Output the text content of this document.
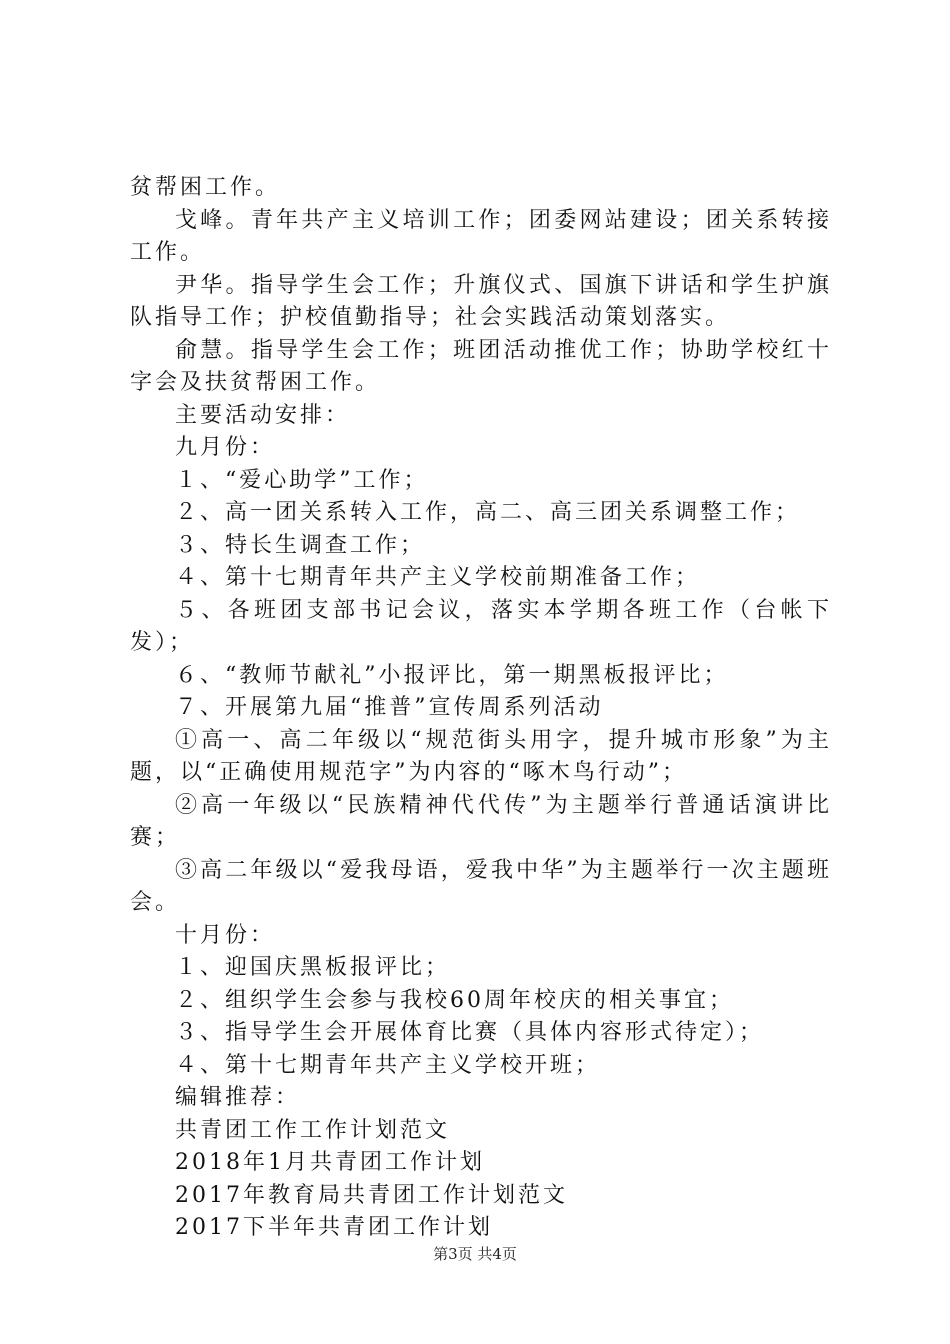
贫帮困工作。

戈峰。青年共产主义培训工作；团委网站建设；团关系转接工作。

尹华。指导学生会工作；升旗仪式、国旗下讲话和学生护旗队指导工作；护校值勤指导；社会实践活动策划落实。

俞慧。指导学生会工作；班团活动推优工作；协助学校红十字会及扶贫帮困工作。

主要活动安排：

九月份：

１、“爱心助学”工作；

２、高一团关系转入工作，高二、高三团关系调整工作；

３、特长生调查工作；

４、第十七期青年共产主义学校前期准备工作；

５、各班团支部书记会议，落实本学期各班工作（台帐下发）；

６、“教师节献礼”小报评比，第一期黑板报评比；

７、开展第九届“推普”宣传周系列活动

①高一、高二年级以“规范街头用字，提升城市形象”为主题，以“正确使用规范字”为内容的“啄木鸟行动”；

②高一年级以“民族精神代代传”为主题举行普通话演讲比赛；

③高二年级以“爱我母语，爱我中华”为主题举行一次主题班会。

十月份：

１、迎国庆黑板报评比；

２、组织学生会参与我校60周年校庆的相关事宜；

３、指导学生会开展体育比赛（具体内容形式待定）；

４、第十七期青年共产主义学校开班；

编辑推荐：

共青团工作工作计划范文

2018年1月共青团工作计划

2017年教育局共青团工作计划范文

2017下半年共青团工作计划

第3页 共4页
